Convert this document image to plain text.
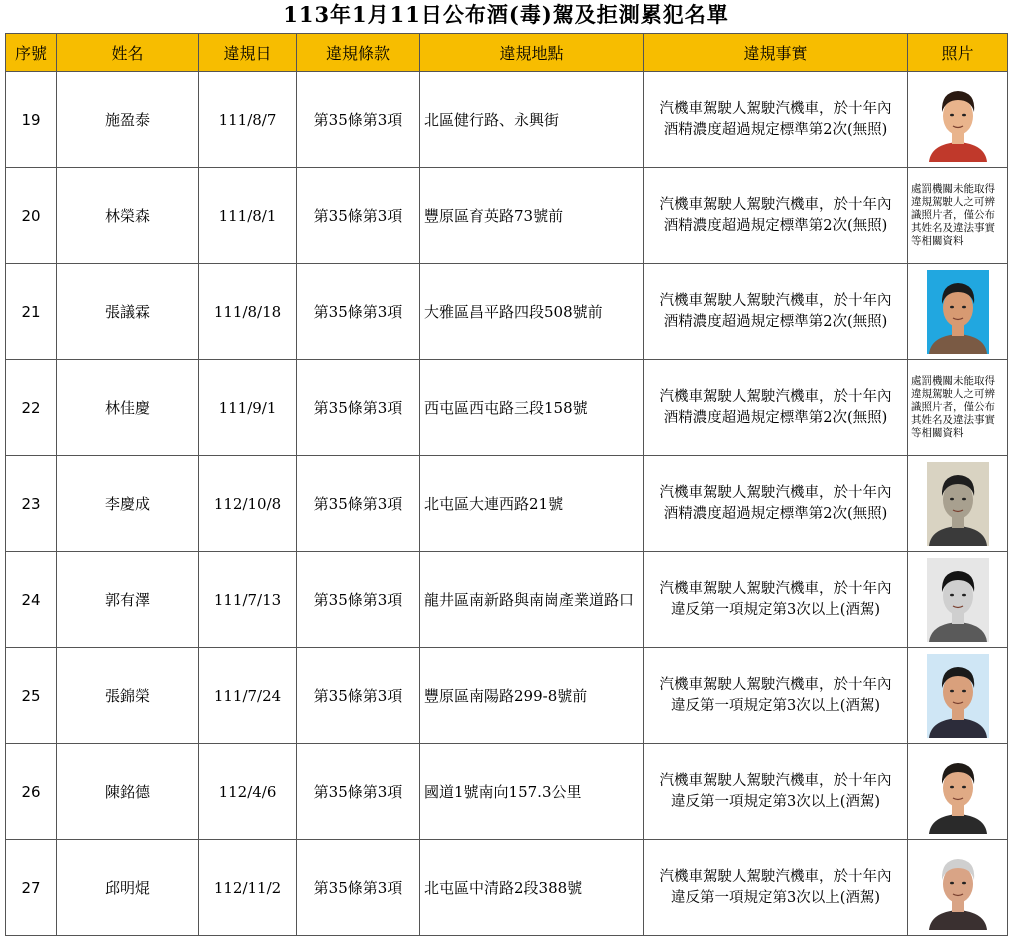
113年1月11日公布酒(毒)駕及拒測累犯名單
序號	姓名	違規日	違規條款	違規地點	違規事實	照片
19	施盈泰	111/8/7	第35條第3項	北區健行路、永興街	汽機車駕駛人駕駛汽機車，於十年內
酒精濃度超過規定標準第2次(無照)

20	林榮森	111/8/1	第35條第3項	豐原區育英路73號前	汽機車駕駛人駕駛汽機車，於十年內
酒精濃度超過規定標準第2次(無照)	處罰機關未能取得違規駕駛人之可辨識照片者，僅公布 其姓名及違法事實等相關資料

21	張議霖	111/8/18	第35條第3項	大雅區昌平路四段508號前	汽機車駕駛人駕駛汽機車，於十年內
酒精濃度超過規定標準第2次(無照)

22	林佳慶	111/9/1	第35條第3項	西屯區西屯路三段158號	汽機車駕駛人駕駛汽機車，於十年內
酒精濃度超過規定標準第2次(無照)	處罰機關未能取得違規駕駛人之可辨識照片者，僅公布 其姓名及違法事實等相關資料

23	李慶成	112/10/8	第35條第3項	北屯區大連西路21號	汽機車駕駛人駕駛汽機車，於十年內
酒精濃度超過規定標準第2次(無照)

24	郭有澤	111/7/13	第35條第3項	龍井區南新路與南崗產業道路口	汽機車駕駛人駕駛汽機車，於十年內
違反第一項規定第3次以上(酒駕)

25	張錦榮	111/7/24	第35條第3項	豐原區南陽路299-8號前	汽機車駕駛人駕駛汽機車，於十年內
違反第一項規定第3次以上(酒駕)

26	陳銘德	112/4/6	第35條第3項	國道1號南向157.3公里	汽機車駕駛人駕駛汽機車，於十年內
違反第一項規定第3次以上(酒駕)

27	邱明焜	112/11/2	第35條第3項	北屯區中清路2段388號	汽機車駕駛人駕駛汽機車，於十年內
違反第一項規定第3次以上(酒駕)
